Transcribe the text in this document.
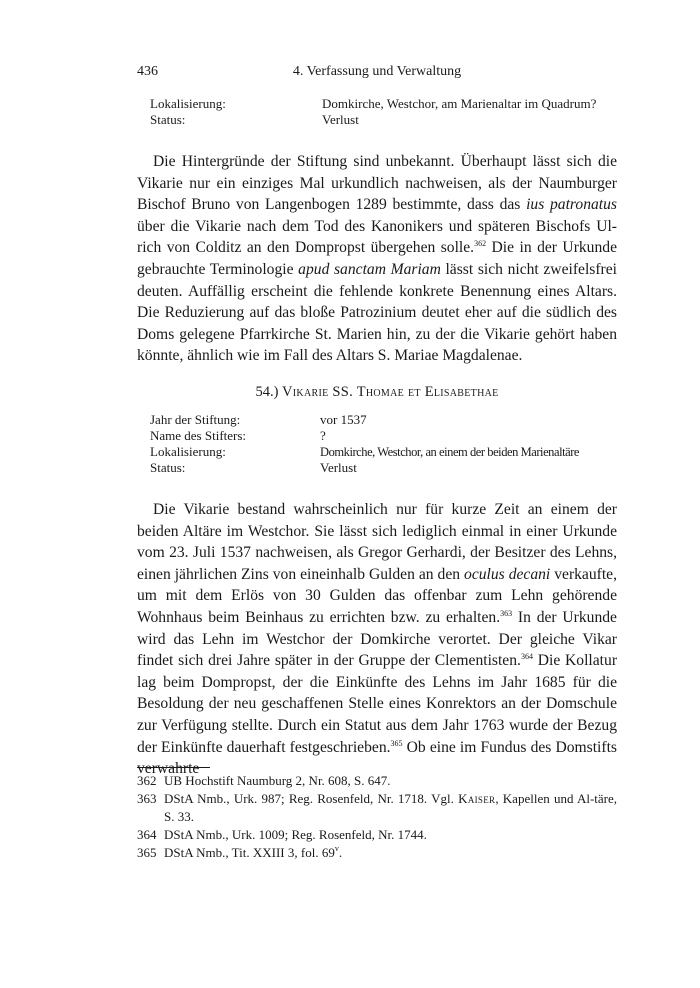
436	4. Verfassung und Verwaltung
Lokalisierung:	Domkirche, Westchor, am Marienaltar im Quadrum?
Status:	Verlust

Die Hintergründe der Stiftung sind unbekannt. Überhaupt lässt sich die Vikarie nur ein einziges Mal urkundlich nachweisen, als der Naumburger Bischof Bruno von Langenbogen 1289 bestimmte, dass das ius patronatus über die Vikarie nach dem Tod des Kanonikers und späteren Bischofs Ul-rich von Colditz an den Dompropst übergehen solle.$^{362}$ Die in der Urkunde gebrauchte Terminologie apud sanctam Mariam lässt sich nicht zweifelsfrei deuten. Auffällig erscheint die fehlende konkrete Benennung eines Altars. Die Reduzierung auf das bloße Patrozinium deutet eher auf die südlich des Doms gelegene Pfarrkirche St. Marien hin, zu der die Vikarie gehört haben könnte, ähnlich wie im Fall des Altars S. Mariae Magdalenae.

54.) Vikarie SS. Thomae et Elisabethae
Jahr der Stiftung:	vor 1537
Name des Stifters:	?
Lokalisierung:	Domkirche, Westchor, an einem der beiden Marienaltäre
Status:	Verlust

Die Vikarie bestand wahrscheinlich nur für kurze Zeit an einem der beiden Altäre im Westchor. Sie lässt sich lediglich einmal in einer Urkunde vom 23. Juli 1537 nachweisen, als Gregor Gerhardi, der Besitzer des Lehns, einen jährlichen Zins von eineinhalb Gulden an den oculus decani verkaufte, um mit dem Erlös von 30 Gulden das offenbar zum Lehn gehörende Wohnhaus beim Beinhaus zu errichten bzw. zu erhalten.$^{363}$ In der Urkunde wird das Lehn im Westchor der Domkirche verortet. Der gleiche Vikar findet sich drei Jahre später in der Gruppe der Clementisten.$^{364}$ Die Kollatur lag beim Dompropst, der die Einkünfte des Lehns im Jahr 1685 für die Besoldung der neu geschaffenen Stelle eines Konrektors an der Domschule zur Verfügung stellte. Durch ein Statut aus dem Jahr 1763 wurde der Bezug der Einkünfte dauerhaft festgeschrieben.$^{365}$ Ob eine im Fundus des Domstifts verwahrte

362 UB Hochstift Naumburg 2, Nr. 608, S. 647.
363 DStA Nmb., Urk. 987; Reg. Rosenfeld, Nr. 1718. Vgl. Kaiser, Kapellen und Al-täre, S. 33.
364 DStA Nmb., Urk. 1009; Reg. Rosenfeld, Nr. 1744.
365 DStA Nmb., Tit. XXIII 3, fol. 69$^v$.
